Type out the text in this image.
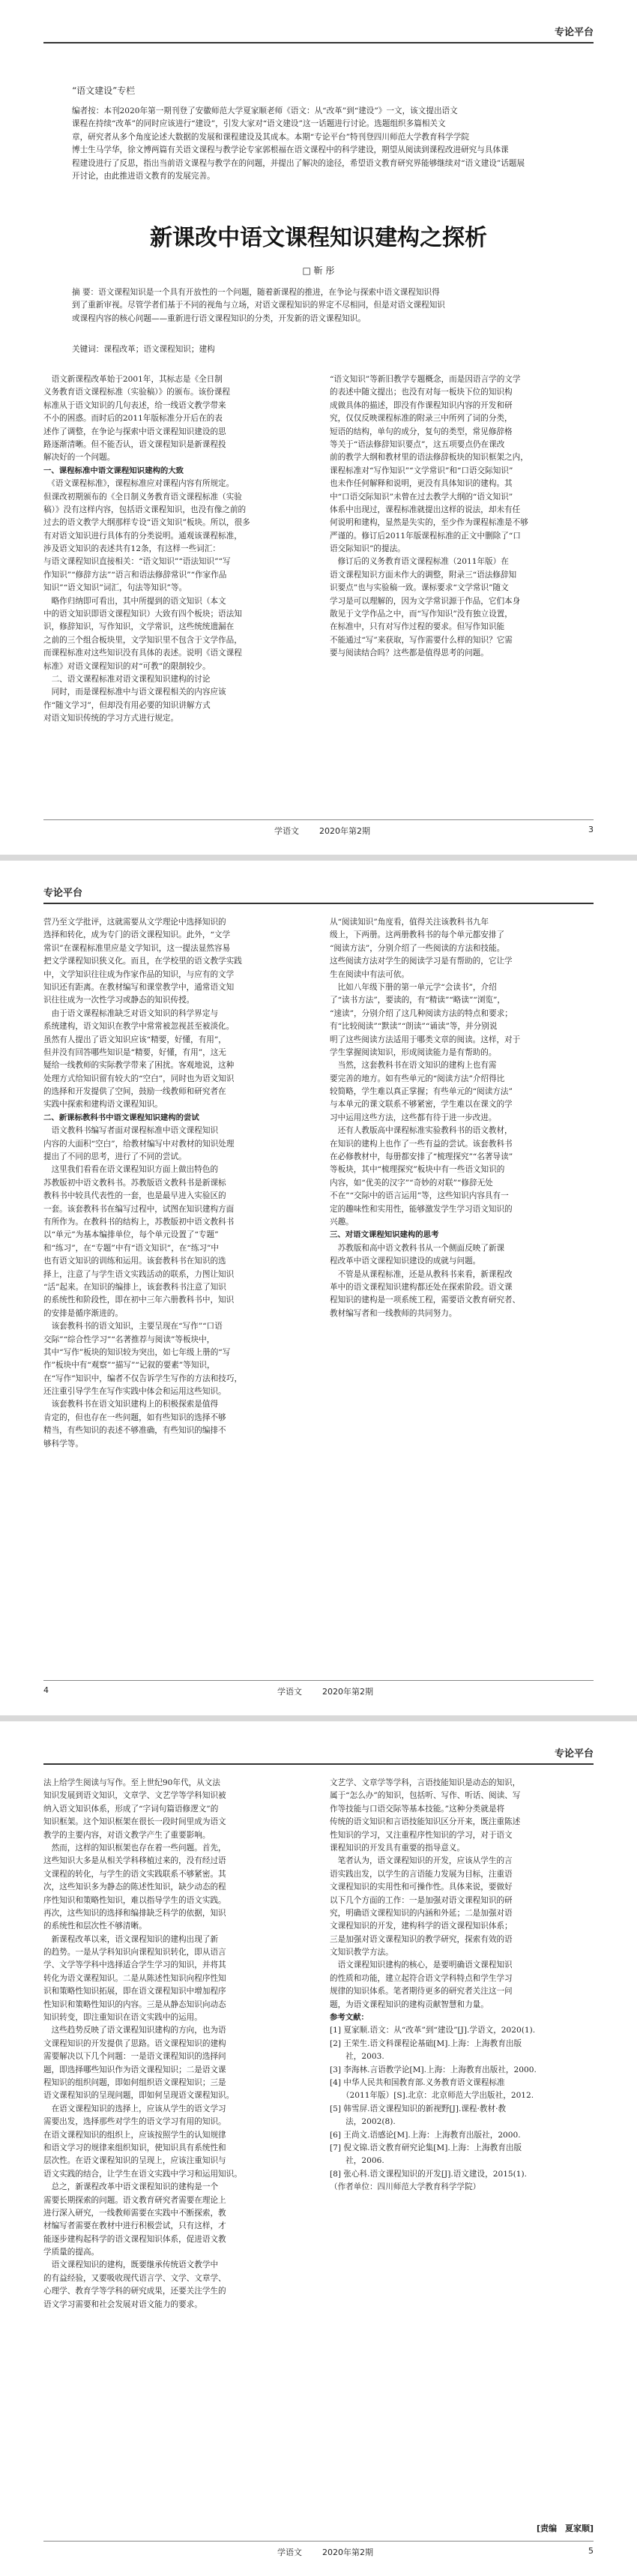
专论平台
“语文建设”专栏
编者按：本刊2020年第一期刊登了安徽师范大学夏家顺老师《语文：从“改革”到“建设”》一文，该文提出语文
课程在持续“改革”的同时应该进行“建设”，引发大家对“语文建设”这一话题进行讨论。选题组织多篇相关文
章，研究者从多个角度论述大数据的发展和课程建设及其成本。本期“专论平台”特刊登四川师范大学教育科学学院
博士生马学华，徐文博两篇有关语文课程与教学论专家郭根福在语文课程中的科学建设，期望从阅读到课程改进研究与具体课
程建设进行了反思，指出当前语文课程与教学在的问题，并提出了解决的途径，希望语文教育研究界能够继续对“语文建设”话题展
开讨论，由此推进语文教育的发展完善。
新课改中语文课程知识建构之探析
□ 靳 彤
摘 要：语文课程知识是一个具有开放性的一个问题，随着新课程的推进，在争论与探索中语文课程知识得
到了重新审视。尽管学者们基于不同的视角与立场，对语文课程知识的界定不尽相同，但是对语文课程知识
或课程内容的核心问题——重新进行语文课程知识的分类，开发新的语文课程知识。
关键词：课程改革；语文课程知识；建构
　语文新课程改革始于2001年，其标志是《全日制
义务教育语文课程标准（实验稿）》的颁布。该份课程
标准从于语文知识的几句表述，给一线语文教学带来
不小的困惑。而时后的2011年版标准分开后在的表
述作了调整，在争论与探索中语文课程知识建设的思
路逐渐清晰。但不能否认，语文课程知识是新课程投
解决好的一个问题。
一、课程标准中语文课程知识建构的大致
　《语文课程标准》，课程标准应对课程内容有所规定。
但课改初期颁布的《全日制义务教育语文课程标准（实验
稿）》没有这样内容，包括语文课程知识，也没有像之前的
过去的语文教学大纲那样专设“语文知识”板块。所以，很多
有对语文知识进行具体有的分类说明。通观该课程标准，
涉及语文知识的表述共有12条，有这样一些词汇：
与语文课程知识直接相关：“语文知识”“语法知识”“写
作知识”“修辞方法”“语言和语法修辞常识”“作家作品
知识”“语文知识”词汇，句法等知识”等。
　略作归纳即可看出，其中所提到的语文知识（本文
中的语文知识即语文课程知识）大致有四个板块；语法知
识，修辞知识，写作知识，文学常识，这些统统遗漏在
之前的三个组合板块里，文学知识里不包含于文学作品，
而课程标准对这些知识没有具体的表述。说明《语文课程
标准》对语文课程知识的对“可教”的限制较少。
　二、语文课程标准对语文课程知识建构的讨论
　同时，而是课程标准中与语文课程相关的内容应该
作“随文学习”，但却没有用必要的知识讲解方式
对语文知识传统的学习方式进行规定。
“语文知识”等新旧教学专题概念，而是因语言学的文学
的表述中随文提出；也没有对每一板块下位的知识构
成做具体的描述，即没有作课程知识内容的开发和研
究，仅仅反映课程标准的附录三中所列了词的分类，
短语的结构，单句的成分，复句的类型，常见修辞格
等关于“语法修辞知识要点”，这五项要点仍在课改
前的教学大纲和教材里的语法修辞板块的知识框架之内，
课程标准对“写作知识”“文学常识”和“口语交际知识”
也未作任何解释和说明，更没有具体知识的建构。其
中“口语交际知识”未曾在过去教学大纲的“语文知识”
体系中出现过，课程标准就提出这样的说法，却未有任
何说明和建构，显然是失实的，至少作为课程标准是不够
严谨的。修订后2011年版课程标准的正文中删除了“口
语交际知识”的提法。
　修订后的义务教育语文课程标准（2011年版）在
语文课程知识方面未作大的调整，附录三“语法修辞知
识要点”也与实验稿一致。课标要求“文学常识”随文
学习是可以理解的，因为文学常识源于作品，它们本身
散见于文学作品之中，而“写作知识”没有独立设置，
在标准中，只有对写作过程的要求。但写作知识能
不能通过“写”来获取，写作需要什么样的知识？它需
要与阅读结合吗？这些都是值得思考的问题。
学语文 2020年第2期	3
专论平台
营乃至文学批评，这就需要从文学理论中选择知识的
选择和转化，成为专门的语文课程知识。此外，“文学
常识”在课程标准里应是文学知识，这一提法显然容易
把文学课程知识狭义化。而且，在学校里的语文教学实践
中，文学知识往往成为作家作品的知识，与应有的文学
知识还有距离。在教材编写和课堂教学中，通常语文知
识往往成为一次性学习或静态的知识传授。
　由于语文课程标准缺乏对语文知识的科学界定与
系统建构，语文知识在教学中常常被忽视甚至被淡化。
虽然有人提出了语文知识应该“精要，好懂，有用”，
但并没有回答哪些知识是“精要，好懂，有用”，这无
疑给一线教师的实际教学带来了困扰。客观地说，这种
处理方式给知识留有较大的“空白”，同时也为语文知识
的选择和开发提供了空间，鼓励一线教师和研究者在
实践中探索和建构语文课程知识。
二、新课标教科书中语文课程知识建构的尝试
　语文教科书编写者面对课程标准中语文课程知识
内容的大面积“空白”，给教材编写中对教材的知识处理
提出了不同的思考，进行了不同的尝试。
　这里我们看看在语文课程知识方面上做出特色的
苏教版初中语文教科书。苏教版语文教科书是新课标
教科书中较具代表性的一套，也是最早进入实验区的
一套。该套教科书在编写过程中，试图在知识建构方面
有所作为。在教科书的结构上，苏教版初中语文教科书
以“单元”为基本编排单位，每个单元设置了“专题”
和“练习”，在“专题”中有“语文知识”，在“练习”中
也有语文知识的训练和运用。该套教科书在知识的选
择上，注意了与学生语文实践活动的联系，力图让知识
“活”起来。在知识的编排上，该套教科书注意了知识
的系统性和阶段性，即在初中三年六册教科书中，知识
的安排是循序渐进的。
　该套教科书的语文知识，主要呈现在“写作”“口语
交际”“综合性学习”“名著推荐与阅读”等板块中，
其中“写作”板块的知识较为突出，如七年级上册的“写
作”板块中有“观察”“描写”“记叙的要素”等知识，
在“写作”知识中，编者不仅告诉学生写作的方法和技巧，
还注重引导学生在写作实践中体会和运用这些知识。
　该套教科书在语文知识建构上的积极探索是值得
肯定的，但也存在一些问题，如有些知识的选择不够
精当，有些知识的表述不够准确，有些知识的编排不
够科学等。
从“阅读知识”角度看，值得关注该教科书九年
级上，下两册。这两册教科书的每个单元都安排了
“阅读方法”，分别介绍了一些阅读的方法和技能。
这些阅读方法对学生的阅读学习是有帮助的，它让学
生在阅读中有法可依。
　比如八年级下册的第一单元学“会读书”，介绍
了“读书方法”，要读的，有“精读”“略读”“浏览”，
“速读”，分别介绍了这几种阅读方法的特点和要求；
有“比较阅读”“默读”“朗读”“诵读”等，并分别说
明了这些阅读方法适用于哪类文章的阅读。这样，对于
学生掌握阅读知识，形成阅读能力是有帮助的。
　当然，这套教科书在语文知识的建构上也有需
要完善的地方。如有些单元的“阅读方法”介绍得比
较简略，学生难以真正掌握；有些单元的“阅读方法”
与本单元的课文联系不够紧密，学生难以在课文的学
习中运用这些方法，这些都有待于进一步改进。
　还有人教版高中课程标准实验教科书的语文教材，
在知识的建构上也作了一些有益的尝试。该套教科书
在必修教材中，每册都安排了“梳理探究”“名著导读”
等板块，其中“梳理探究”板块中有一些语文知识的
内容，如“优美的汉字”“奇妙的对联”“修辞无处
不在”“交际中的语言运用”等，这些知识内容具有一
定的趣味性和实用性，能够激发学生学习语文知识的
兴趣。
三、对语文课程知识建构的思考
　苏教版和高中语文教科书从一个侧面反映了新课
程改革中语文课程知识建设的成就与问题。
　不管是从课程标准，还是从教科书来看，新课程改
革中的语文课程知识建构都还处在探索阶段。语文课
程知识的建构是一项系统工程，需要语文教育研究者、
教材编写者和一线教师的共同努力。
4	学语文 2020年第2期
专论平台
法上给学生阅读与写作。至上世纪90年代，从文法
知识发展到语文知识，文章学、文艺学等学科知识被
纳入语文知识体系，形成了“字词句篇语修逻文”的
知识框架。这个知识框架在很长一段时间里成为语文
教学的主要内容，对语文教学产生了重要影响。
　然而，这样的知识框架也存在着一些问题。首先，
这些知识大多是从相关学科移植过来的，没有经过语
文课程的转化，与学生的语文实践联系不够紧密。其
次，这些知识多为静态的陈述性知识，缺少动态的程
序性知识和策略性知识，难以指导学生的语文实践。
再次，这些知识的选择和编排缺乏科学的依据，知识
的系统性和层次性不够清晰。
　新课程改革以来，语文课程知识的建构出现了新
的趋势。一是从学科知识向课程知识转化，即从语言
学、文学等学科中选择适合学生学习的知识，并将其
转化为语文课程知识。二是从陈述性知识向程序性知
识和策略性知识拓展，即在语文课程知识中增加程序
性知识和策略性知识的内容。三是从静态知识向动态
知识转变，即注重知识在语文实践中的运用。
　这些趋势反映了语文课程知识建构的方向，也为语
文课程知识的开发提供了思路。语文课程知识的建构
需要解决以下几个问题：一是语文课程知识的选择问
题，即选择哪些知识作为语文课程知识；二是语文课
程知识的组织问题，即如何组织语文课程知识；三是
语文课程知识的呈现问题，即如何呈现语文课程知识。
　在语文课程知识的选择上，应该从学生的语文学习
需要出发，选择那些对学生的语文学习有用的知识。
在语文课程知识的组织上，应该按照学生的认知规律
和语文学习的规律来组织知识，使知识具有系统性和
层次性。在语文课程知识的呈现上，应该注重知识与
语文实践的结合，让学生在语文实践中学习和运用知识。
　总之，新课程改革中语文课程知识的建构是一个
需要长期探索的问题。语文教育研究者需要在理论上
进行深入研究，一线教师需要在实践中不断探索，教
材编写者需要在教材中进行积极尝试，只有这样，才
能逐步建构起科学的语文课程知识体系，促进语文教
学质量的提高。
　语文课程知识的建构，既要继承传统语文教学中
的有益经验，又要吸收现代语言学、文学、文章学、
心理学、教育学等学科的研究成果，还要关注学生的
语文学习需要和社会发展对语文能力的要求。
文艺学、文章学等学科，言语技能知识是动态的知识，
属于“怎么办”的知识，包括听、写作、听话、阅读、写
作等技能与口语交际等基本技能。”这种分类就是将
传统的语文知识和言语技能知识区分开来，既注重陈述
性知识的学习，又注重程序性知识的学习，对于语文
课程知识的开发具有重要的指导意义。
　笔者认为，语文课程知识的开发，应该从学生的言
语实践出发，以学生的言语能力发展为目标，注重语
文课程知识的实用性和可操作性。具体来说，要做好
以下几个方面的工作：一是加强对语文课程知识的研
究，明确语文课程知识的内涵和外延；二是加强对语
文课程知识的开发，建构科学的语文课程知识体系；
三是加强对语文课程知识的教学研究，探索有效的语
文知识教学方法。
　语文课程知识建构的核心，是要明确语文课程知识
的性质和功能，建立起符合语文学科特点和学生学习
规律的知识体系。笔者期待更多的研究者关注这一问
题，为语文课程知识的建构贡献智慧和力量。
参考文献：
[1] 夏家顺.语文：从“改革”到“建设”[J].学语文，2020(1).
[2] 王荣生.语文科课程论基础[M].上海：上海教育出版
　　社，2003.
[3] 李海林.言语教学论[M].上海：上海教育出版社，2000.
[4] 中华人民共和国教育部.义务教育语文课程标准
　　（2011年版）[S].北京：北京师范大学出版社，2012.
[5] 韩雪屏.语文课程知识的新视野[J].课程·教材·教
　　法，2002(8).
[6] 王尚文.语感论[M].上海：上海教育出版社，2000.
[7] 倪文锦.语文教育研究论集[M].上海：上海教育出版
　　社，2006.
[8] 张心科.语文课程知识的开发[J].语文建设，2015(1).
（作者单位：四川师范大学教育科学学院）
[责编　夏家顺]
学语文 2020年第2期	5
